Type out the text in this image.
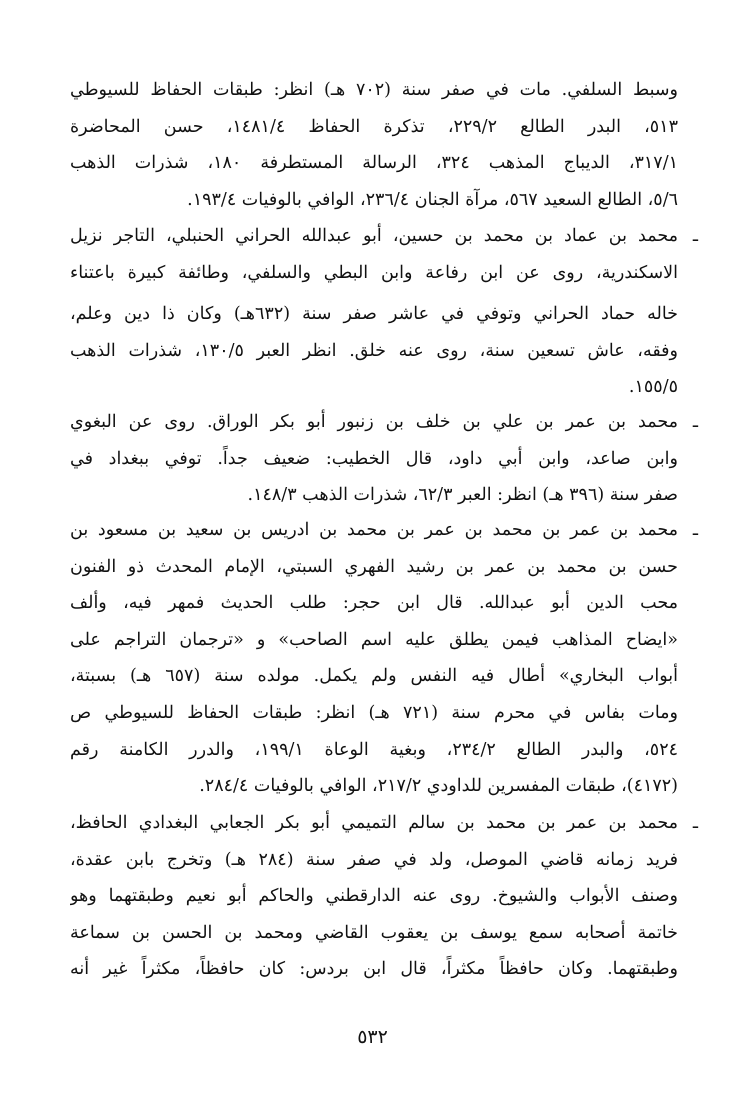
وسبط السلفي. مات في صفر سنة (٧٠٢ هـ) انظر: طبقات الحفاظ للسيوطي
٥١٣، البدر الطالع ٢٢٩/٢، تذكرة الحفاظ ١٤٨١/٤، حسن المحاضرة
٣١٧/١، الديباج المذهب ٣٢٤، الرسالة المستطرفة ١٨٠، شذرات الذهب
٥/٦، الطالع السعيد ٥٦٧، مرآة الجنان ٢٣٦/٤، الوافي بالوفيات ١٩٣/٤.
ـ
محمد بن عماد بن محمد بن حسين، أبو عبدالله الحراني الحنبلي، التاجر نزيل
الاسكندرية، روى عن ابن رفاعة وابن البطي والسلفي، وطائفة كبيرة باعتناء
خاله حماد الحراني وتوفي في عاشر صفر سنة (٦٣٢هـ) وكان ذا دين وعلم،
وفقه، عاش تسعين سنة، روى عنه خلق. انظر العبر ١٣٠/٥، شذرات الذهب
١٥٥/٥.
ـ
محمد بن عمر بن علي بن خلف بن زنبور أبو بكر الوراق. روى عن البغوي
وابن صاعد، وابن أبي داود، قال الخطيب: ضعيف جداً. توفي ببغداد في
صفر سنة (٣٩٦ هـ) انظر: العبر ٦٢/٣، شذرات الذهب ١٤٨/٣.
ـ
محمد بن عمر بن محمد بن عمر بن محمد بن ادريس بن سعيد بن مسعود بن
حسن بن محمد بن عمر بن رشيد الفهري السبتي، الإمام المحدث ذو الفنون
محب الدين أبو عبدالله. قال ابن حجر: طلب الحديث فمهر فيه، وألف
«ايضاح المذاهب فيمن يطلق عليه اسم الصاحب» و «ترجمان التراجم على
أبواب البخاري» أطال فيه النفس ولم يكمل. مولده سنة (٦٥٧ هـ) بسبتة،
ومات بفاس في محرم سنة (٧٢١ هـ) انظر: طبقات الحفاظ للسيوطي ص
٥٢٤، والبدر الطالع ٢٣٤/٢، وبغية الوعاة ١٩٩/١، والدرر الكامنة رقم
(٤١٧٢)، طبقات المفسرين للداودي ٢١٧/٢، الوافي بالوفيات ٢٨٤/٤.
ـ
محمد بن عمر بن محمد بن سالم التميمي أبو بكر الجعابي البغدادي الحافظ،
فريد زمانه قاضي الموصل، ولد في صفر سنة (٢٨٤ هـ) وتخرج بابن عقدة،
وصنف الأبواب والشيوخ. روى عنه الدارقطني والحاكم أبو نعيم وطبقتهما وهو
خاتمة أصحابه سمع يوسف بن يعقوب القاضي ومحمد بن الحسن بن سماعة
وطبقتهما. وكان حافظاً مكثراً، قال ابن بردس: كان حافظاً، مكثراً غير أنه
٥٣٢
